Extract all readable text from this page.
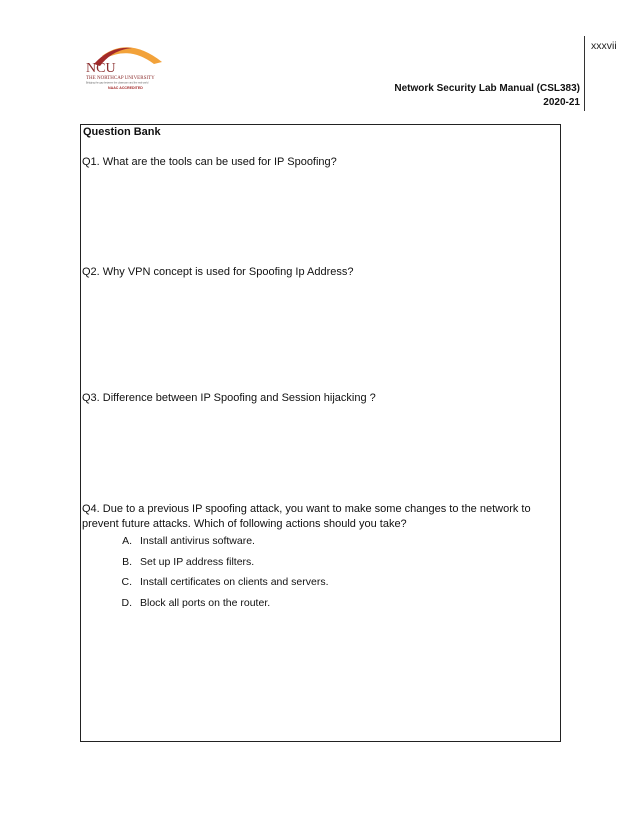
xxxvii
NCU
THE NORTHCAP UNIVERSITY
Bridging the gap between the classroom and the real world
NAAC ACCREDITED	Network Security Lab Manual (CSL383)
2020-21
Question Bank
Q1. What are the tools can be used for IP Spoofing?
Q2. Why VPN concept is used for Spoofing Ip Address?
Q3. Difference between IP Spoofing and Session hijacking ?
Q4. Due to a previous IP spoofing attack, you want to make some changes to the network to prevent future attacks. Which of following actions should you take?
A. Install antivirus software.
B. Set up IP address filters.
C. Install certificates on clients and servers.
D. Block all ports on the router.
